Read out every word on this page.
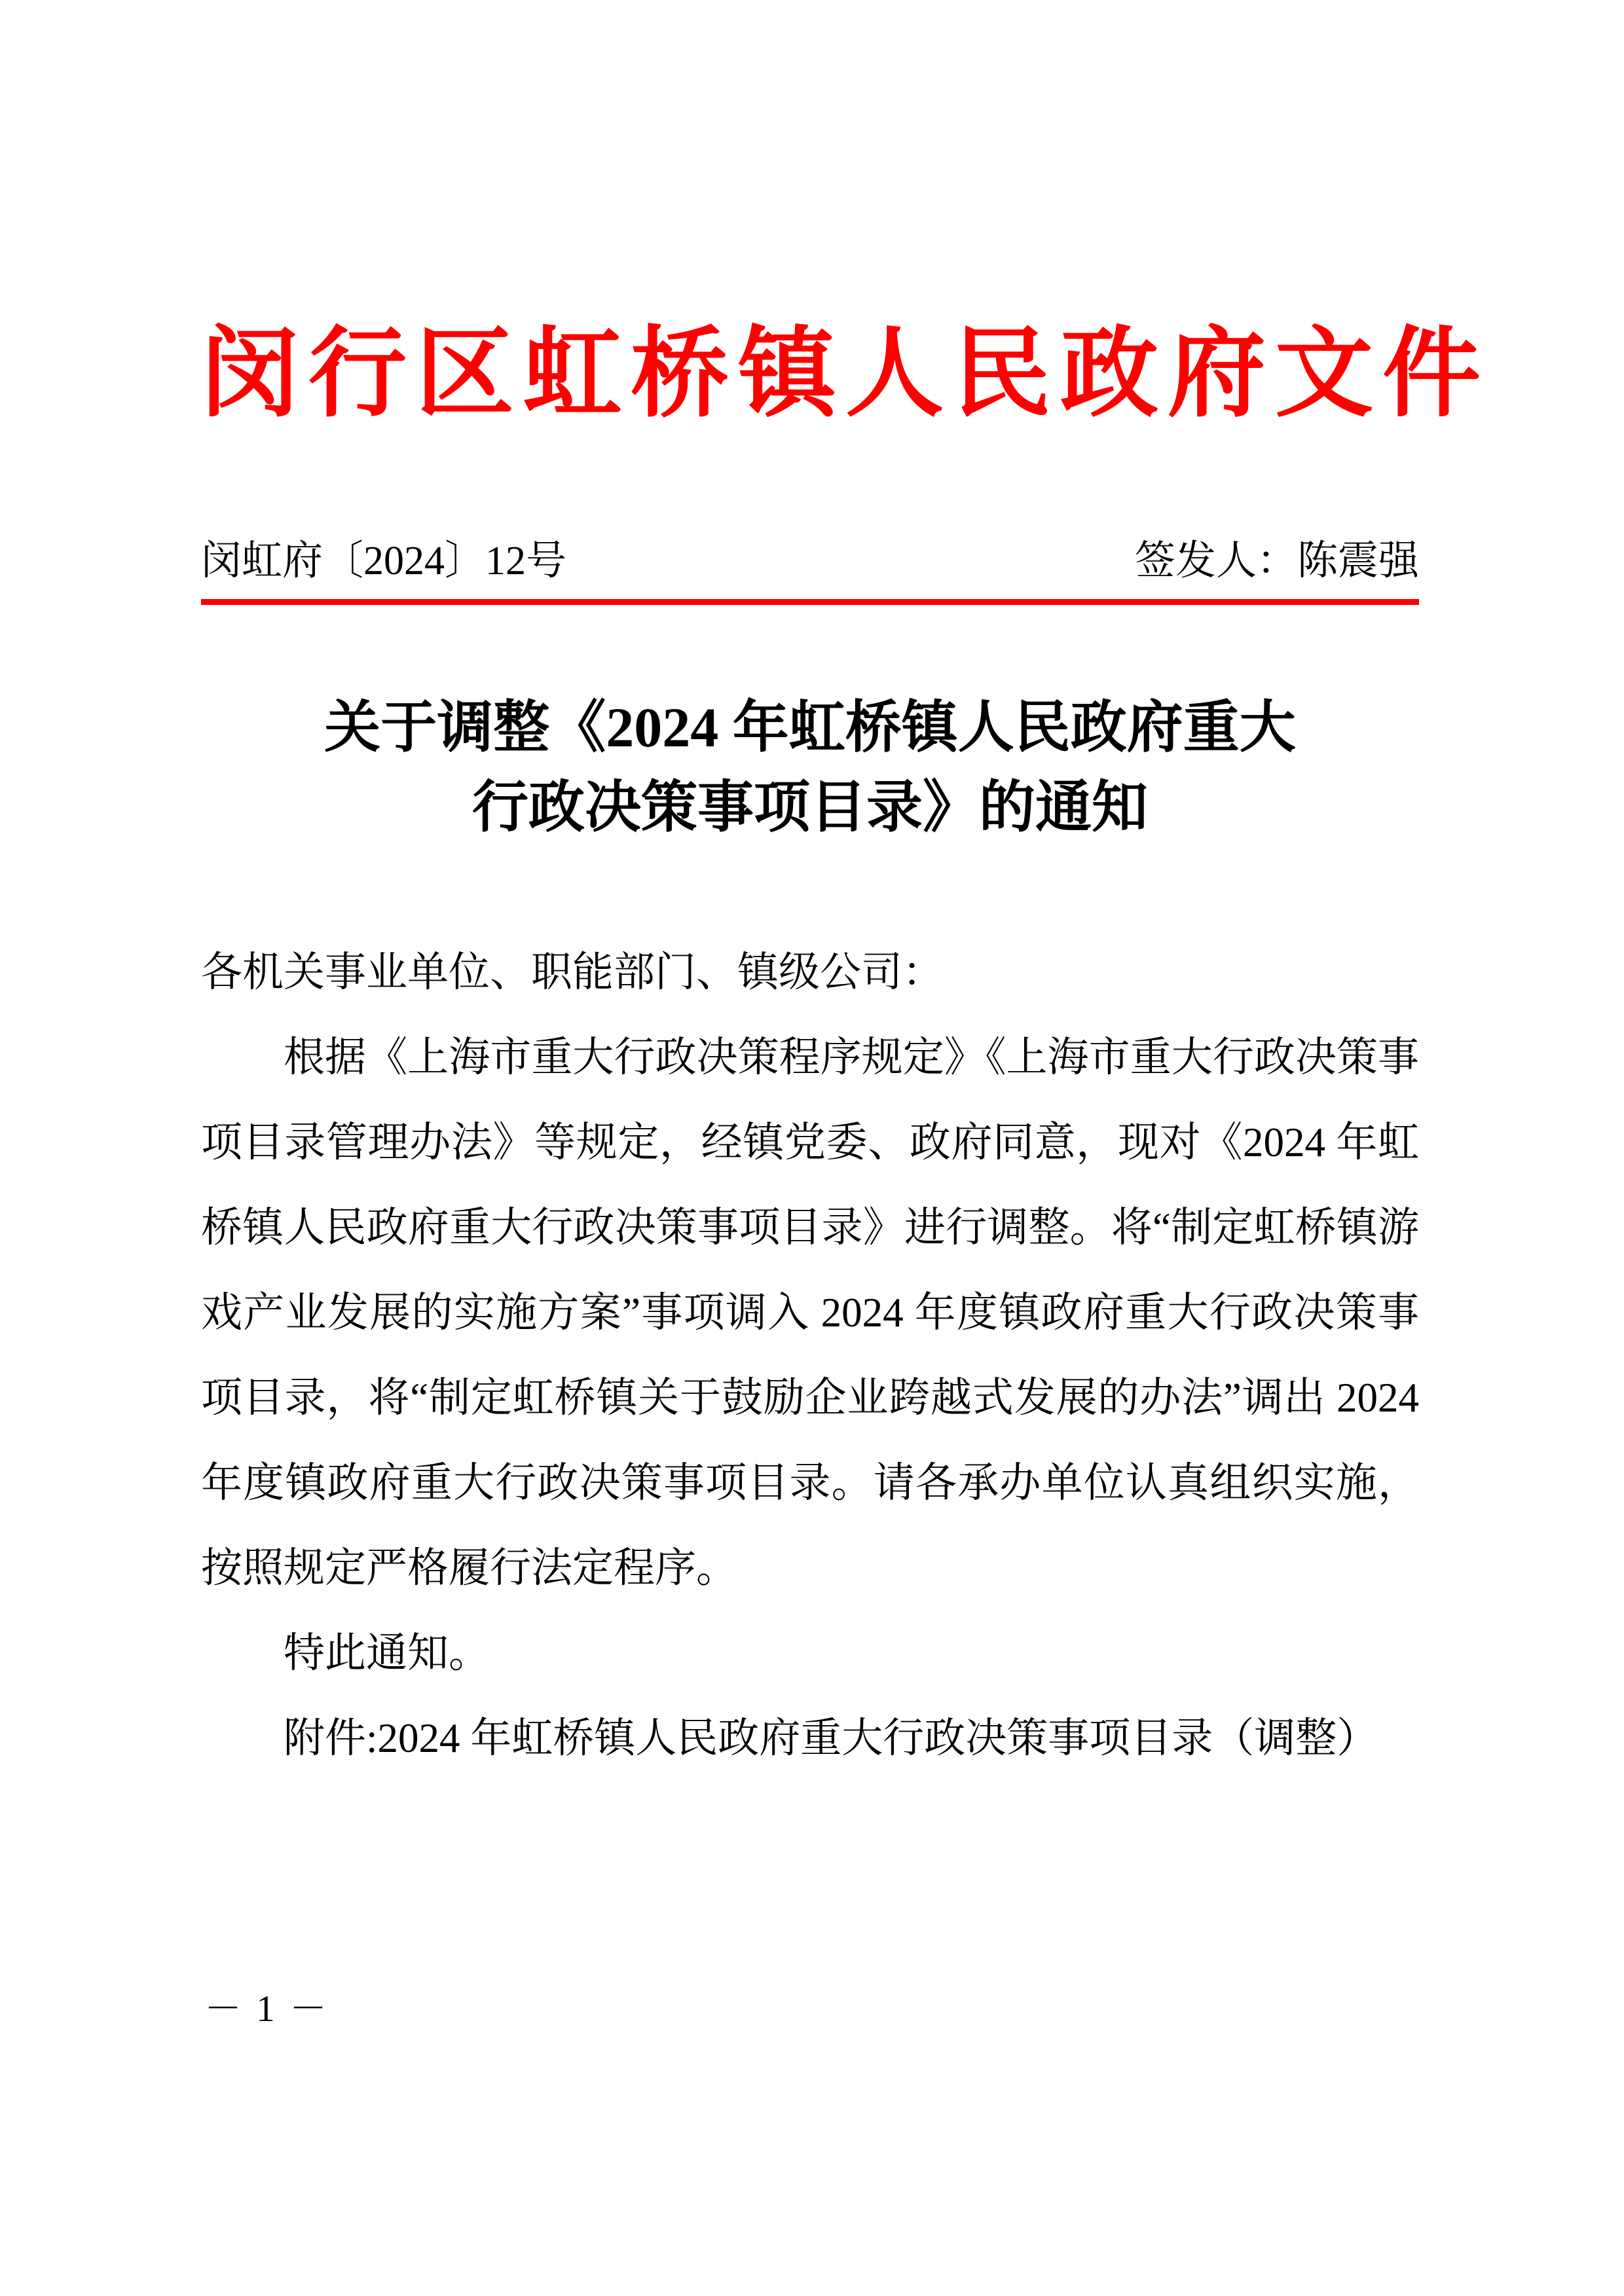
闵行区虹桥镇人民政府文件
闵虹府〔2024〕12号	签发人：陈震强
关于调整《2024 年虹桥镇人民政府重大
行政决策事项目录》的通知

各机关事业单位、职能部门、镇级公司：

根据《上海市重大行政决策程序规定》《上海市重大行政决策事项目录管理办法》等规定，经镇党委、政府同意，现对《2024 年虹桥镇人民政府重大行政决策事项目录》进行调整。将“制定虹桥镇游戏产业发展的实施方案”事项调入 2024 年度镇政府重大行政决策事项目录，将“制定虹桥镇关于鼓励企业跨越式发展的办法”调出 2024 年度镇政府重大行政决策事项目录。请各承办单位认真组织实施，按照规定严格履行法定程序。

特此通知。

附件:2024 年虹桥镇人民政府重大行政决策事项目录（调整）

－ 1 －
